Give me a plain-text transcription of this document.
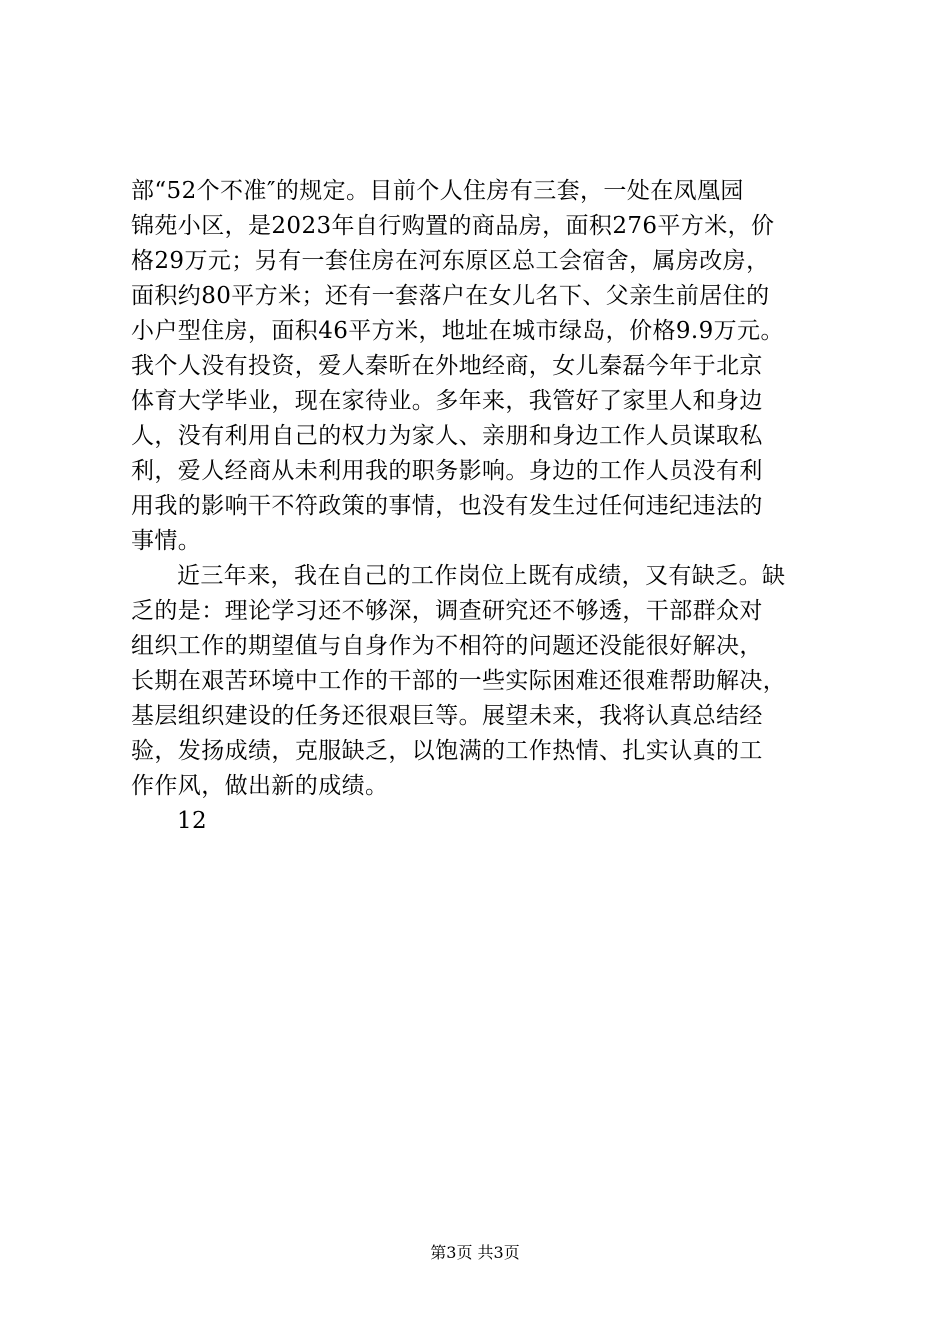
部“52个不准″的规定。目前个人住房有三套，一处在凤凰园
锦苑小区，是2023年自行购置的商品房，面积276平方米，价
格29万元；另有一套住房在河东原区总工会宿舍，属房改房，
面积约80平方米；还有一套落户在女儿名下、父亲生前居住的
小户型住房，面积46平方米，地址在城市绿岛，价格9.9万元。
我个人没有投资，爱人秦昕在外地经商，女儿秦磊今年于北京
体育大学毕业，现在家待业。多年来，我管好了家里人和身边
人，没有利用自己的权力为家人、亲朋和身边工作人员谋取私
利，爱人经商从未利用我的职务影响。身边的工作人员没有利
用我的影响干不符政策的事情，也没有发生过任何违纪违法的
事情。
近三年来，我在自己的工作岗位上既有成绩，又有缺乏。缺
乏的是：理论学习还不够深，调查研究还不够透，干部群众对
组织工作的期望值与自身作为不相符的问题还没能很好解决，
长期在艰苦环境中工作的干部的一些实际困难还很难帮助解决，
基层组织建设的任务还很艰巨等。展望未来，我将认真总结经
验，发扬成绩，克服缺乏，以饱满的工作热情、扎实认真的工
作作风，做出新的成绩。
12
第3页 共3页
